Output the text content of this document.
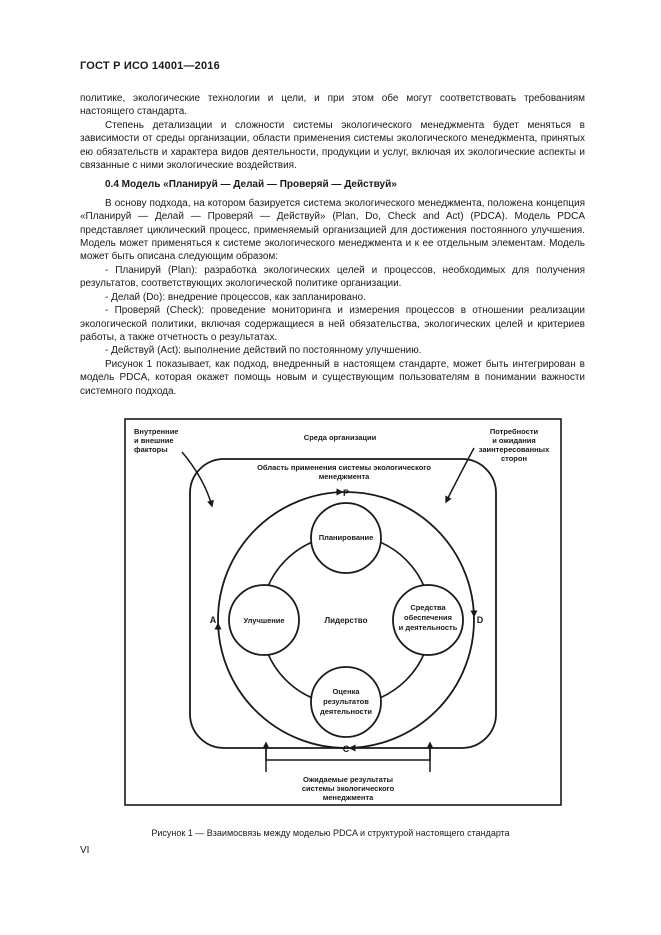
ГОСТ Р ИСО 14001—2016

политике, экологические технологии и цели, и при этом обе могут соответствовать требованиям настоящего стандарта.

Степень детализации и сложности системы экологического менеджмента будет меняться в зависимости от среды организации, области применения системы экологического менеджмента, принятых ею обязательств и характера видов деятельности, продукции и услуг, включая их экологические аспекты и связанные с ними экологические воздействия.

0.4 Модель «Планируй — Делай — Проверяй — Действуй»

В основу подхода, на котором базируется система экологического менеджмента, положена концепция «Планируй — Делай — Проверяй — Действуй» (Plan, Do, Check and Act) (PDCA). Модель PDCA представляет циклический процесс, применяемый организацией для достижения постоянного улучшения. Модель может применяться к системе экологического менеджмента и к ее отдельным элементам. Модель может быть описана следующим образом:

- Планируй (Plan): разработка экологических целей и процессов, необходимых для получения результатов, соответствующих экологической политике организации.

- Делай (Do): внедрение процессов, как запланировано.

- Проверяй (Check): проведение мониторинга и измерения процессов в отношении реализации экологической политики, включая содержащиеся в ней обязательства, экологических целей и критериев работы, а также отчетность о результатах.

- Действуй (Act): выполнение действий по постоянному улучшению.

Рисунок 1 показывает, как подход, внедренный в настоящем стандарте, может быть интегрирован в модель PDCA, которая окажет помощь новым и существующим пользователям в понимании важности системного подхода.

Внутренние
и внешние
факторы
Среда организации
Потребности
и ожидания
заинтересованных
сторон
Область применения системы экологического
менеджмента
Планирование
Средства
обеспечения
и деятельность
Оценка
результатов
деятельности
Улучшение	Лидерство
Ожидаемые результаты
системы экологического
менеджмента
P
D
C
A
Рисунок 1 — Взаимосвязь между моделью PDCA и структурой настоящего стандарта
VI
